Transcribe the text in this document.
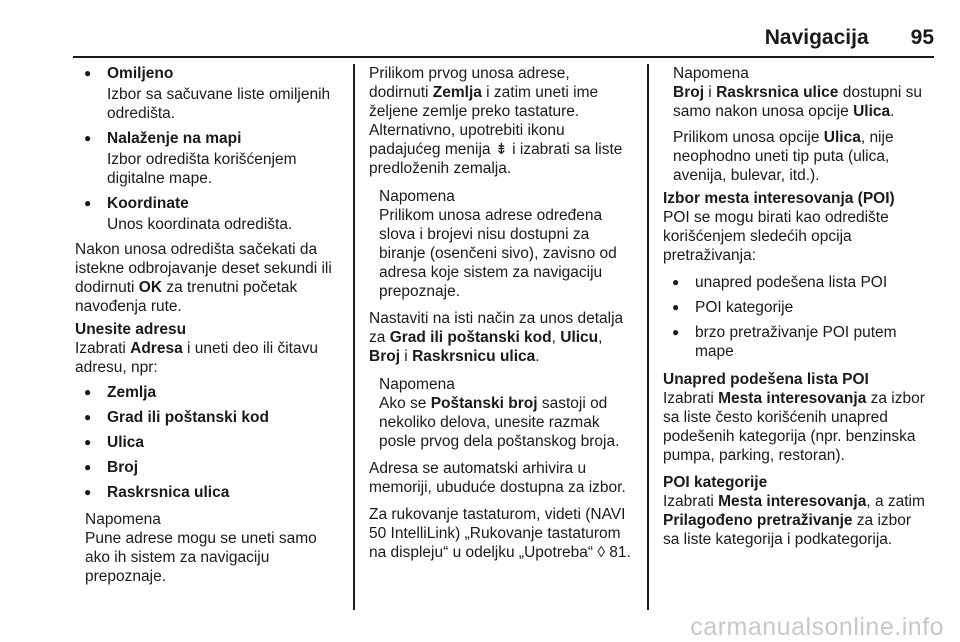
Navigacija 95
● Omiljeno
Izbor sa sačuvane liste omiljenih odredišta.
● Nalaženje na mapi
Izbor odredišta korišćenjem digitalne mape.
● Koordinate
Unos koordinata odredišta.

Nakon unosa odredišta sačekati da istekne odbrojavanje deset sekundi ili dodirnuti OK za trenutni početak navođenja rute.

Unesite adresu

Izabrati Adresa i uneti deo ili čitavu adresu, npr:

● Zemlja
● Grad ili poštanski kod
● Ulica
● Broj
● Raskrsnica ulica
Napomena
Pune adrese mogu se uneti samo ako ih sistem za navigaciju prepoznaje.

Prilikom prvog unosa adrese, dodirnuti Zemlja i zatim uneti ime željene zemlje preko tastature. Alternativno, upotrebiti ikonu padajućeg menija ⇟ i izabrati sa liste predloženih zemalja.

Napomena
Prilikom unosa adrese određena slova i brojevi nisu dostupni za biranje (osenčeni sivo), zavisno od adresa koje sistem za navigaciju prepoznaje.

Nastaviti na isti način za unos detalja za Grad ili poštanski kod, Ulicu, Broj i Raskrsnicu ulica.

Napomena
Ako se Poštanski broj sastoji od nekoliko delova, unesite razmak posle prvog dela poštanskog broja.

Adresa se automatski arhivira u memoriji, ubuduće dostupna za izbor.

Za rukovanje tastaturom, videti (NAVI 50 IntelliLink) „Rukovanje tastaturom na displeju“ u odeljku „Upotreba“ ◊ 81.

Napomena
Broj i Raskrsnica ulice dostupni su samo nakon unosa opcije Ulica.
Prilikom unosa opcije Ulica, nije neophodno uneti tip puta (ulica, avenija, bulevar, itd.).
Izbor mesta interesovanja (POI)

POI se mogu birati kao odredište korišćenjem sledećih opcija pretraživanja:

● unapred podešena lista POI
● POI kategorije
● brzo pretraživanje POI putem mape
Unapred podešena lista POI

Izabrati Mesta interesovanja za izbor sa liste često korišćenih unapred podešenih kategorija (npr. benzinska pumpa, parking, restoran).

POI kategorije

Izabrati Mesta interesovanja, a zatim Prilagođeno pretraživanje za izbor sa liste kategorija i podkategorija.

carmanualsonline.info
